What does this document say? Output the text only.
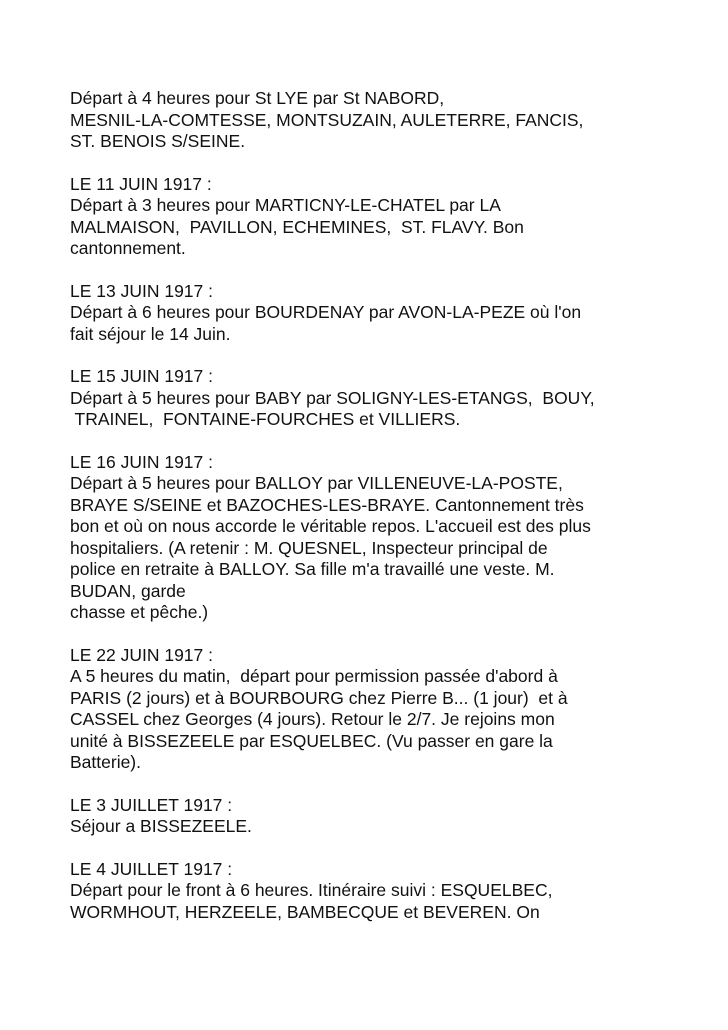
Départ à 4 heures pour St LYE par St NABORD,
MESNIL-LA-COMTESSE, MONTSUZAIN, AULETERRE, FANCIS,
ST. BENOIS S/SEINE.
LE 11 JUIN 1917 :
Départ à 3 heures pour MARTICNY-LE-CHATEL par LA
MALMAISON,  PAVILLON, ECHEMINES,  ST. FLAVY. Bon
cantonnement.
LE 13 JUIN 1917 :
Départ à 6 heures pour BOURDENAY par AVON-LA-PEZE où l'on
fait séjour le 14 Juin.
LE 15 JUIN 1917 :
Départ à 5 heures pour BABY par SOLIGNY-LES-ETANGS,  BOUY,
TRAINEL,  FONTAINE-FOURCHES et VILLIERS.
LE 16 JUIN 1917 :
Départ à 5 heures pour BALLOY par VILLENEUVE-LA-POSTE,
BRAYE S/SEINE et BAZOCHES-LES-BRAYE. Cantonnement très
bon et où on nous accorde le véritable repos. L'accueil est des plus
hospitaliers. (A retenir : M. QUESNEL, Inspecteur principal de
police en retraite à BALLOY. Sa fille m'a travaillé une veste. M.
BUDAN, garde
chasse et pêche.)
LE 22 JUIN 1917 :
A 5 heures du matin,  départ pour permission passée d'abord à
PARIS (2 jours) et à BOURBOURG chez Pierre B... (1 jour)  et à
CASSEL chez Georges (4 jours). Retour le 2/7. Je rejoins mon
unité à BISSEZEELE par ESQUELBEC. (Vu passer en gare la
Batterie).
LE 3 JUILLET 1917 :
Séjour a BISSEZEELE.
LE 4 JUILLET 1917 :
Départ pour le front à 6 heures. Itinéraire suivi : ESQUELBEC,
WORMHOUT, HERZEELE, BAMBECQUE et BEVEREN. On
